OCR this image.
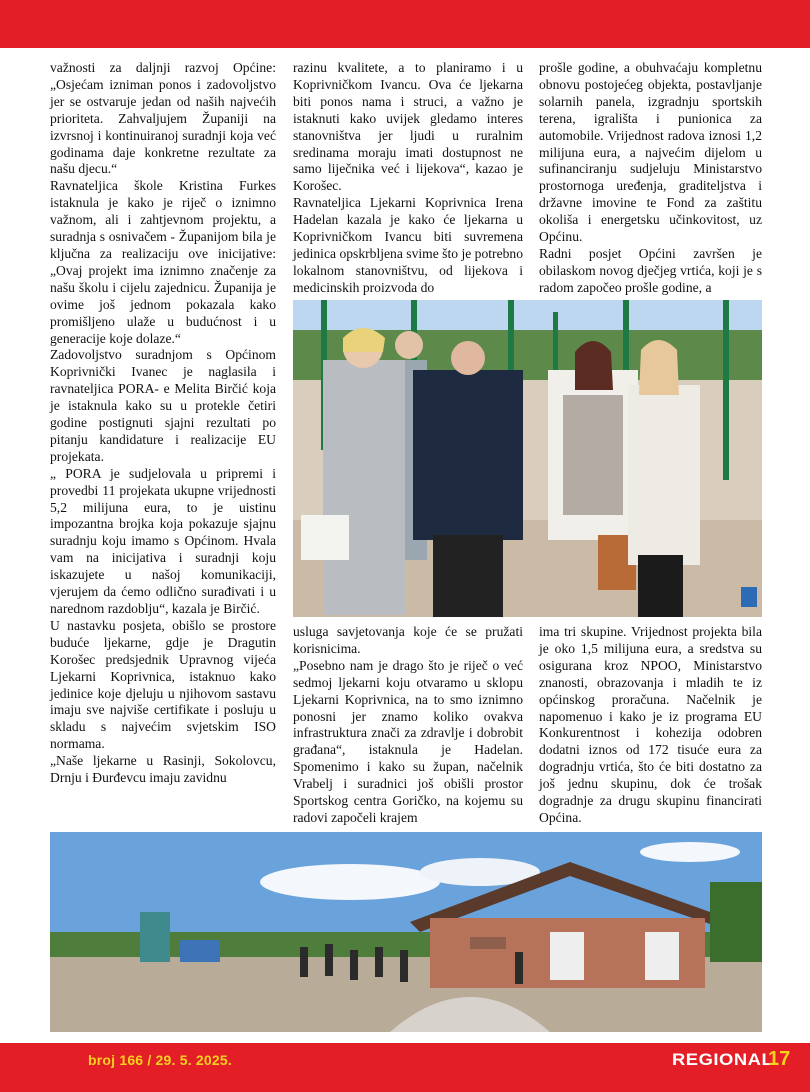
važnosti za daljnji razvoj Općine: „Osjećam izniman ponos i zadovoljstvo jer se ostvaruje jedan od naših najvećih prioriteta. Zahvaljujem Županiji na izvrsnoj i kontinuiranoj suradnji koja već godinama daje konkretne rezultate za našu djecu.“

Ravnateljica škole Kristina Furkes istaknula je kako je riječ o iznimno važnom, ali i zahtjevnom projektu, a suradnja s osnivačem - Županijom bila je ključna za realizaciju ove inicijative: „Ovaj projekt ima iznimno značenje za našu školu i cijelu zajednicu. Županija je ovime još jednom pokazala kako promišljeno ulaže u budućnost i u generacije koje dolaze.“

Zadovoljstvo suradnjom s Općinom Koprivnički Ivanec je naglasila i ravnateljica PORA- e Melita Birčić koja je istaknula kako su u protekle četiri godine postignuti sjajni rezultati po pitanju kandidature i realizacije EU projekata.

„ PORA je sudjelovala u pripremi i provedbi 11 projekata ukupne vrijednosti 5,2 milijuna eura, to je uistinu impozantna brojka koja pokazuje sjajnu suradnju koju imamo s Općinom. Hvala vam na inicijativa i suradnji koju iskazujete u našoj komunikaciji, vjerujem da ćemo odlično surađivati i u narednom razdoblju“, kazala je Birčić.

U nastavku posjeta, obišlo se prostore buduće ljekarne, gdje je Dragutin Korošec predsjednik Upravnog vijeća Ljekarni Koprivnica, istaknuo kako jedinice koje djeluju u njihovom sastavu imaju sve najviše certifikate i posluju u skladu s najvećim svjetskim ISO normama.

„Naše ljekarne u Rasinji, Sokolovcu, Drnju i Đurđevcu imaju zavidnu

razinu kvalitete, a to planiramo i u Koprivničkom Ivancu. Ova će ljekarna biti ponos nama i struci, a važno je istaknuti kako uvijek gledamo interes stanovništva jer ljudi u ruralnim sredinama moraju imati dostupnost ne samo liječnika već i lijekova“, kazao je Korošec.

Ravnateljica Ljekarni Koprivnica Irena Hadelan kazala je kako će ljekarna u Koprivničkom Ivancu biti suvremena jedinica opskrbljena svime što je potrebno lokalnom stanovništvu, od lijekova i medicinskih proizvoda do

prošle godine, a obuhvaćaju kompletnu obnovu postojećeg objekta, postavljanje solarnih panela, izgradnju sportskih terena, igrališta i punionica za automobile. Vrijednost radova iznosi 1,2 milijuna eura, a najvećim dijelom u sufinanciranju sudjeluju Ministarstvo prostornoga uređenja, graditeljstva i državne imovine te Fond za zaštitu okoliša i energetsku učinkovitost, uz Općinu.

Radni posjet Općini završen je obilaskom novog dječjeg vrtića, koji je s radom započeo prošle godine, a

usluga savjetovanja koje će se pružati korisnicima.

„Posebno nam je drago što je riječ o već sedmoj ljekarni koju otvaramo u sklopu Ljekarni Koprivnica, na to smo iznimno ponosni jer znamo koliko ovakva infrastruktura znači za zdravlje i dobrobit građana“, istaknula je Hadelan. Spomenimo i kako su župan, načelnik Vrabelj i suradnici još obišli prostor Sportskog centra Goričko, na kojemu su radovi započeli krajem

ima tri skupine. Vrijednost projekta bila je oko 1,5 milijuna eura, a sredstva su osigurana kroz NPOO, Ministarstvo znanosti, obrazovanja i mladih te iz općinskog proračuna. Načelnik je napomenuo i kako je iz programa EU Konkurentnost i kohezija odobren dodatni iznos od 172 tisuće eura za dogradnju vrtića, što će biti dostatno za još jednu skupinu, dok će trošak dogradnje za drugu skupinu financirati Općina.

broj 166 / 29. 5. 2025.	REGIONAL
17
